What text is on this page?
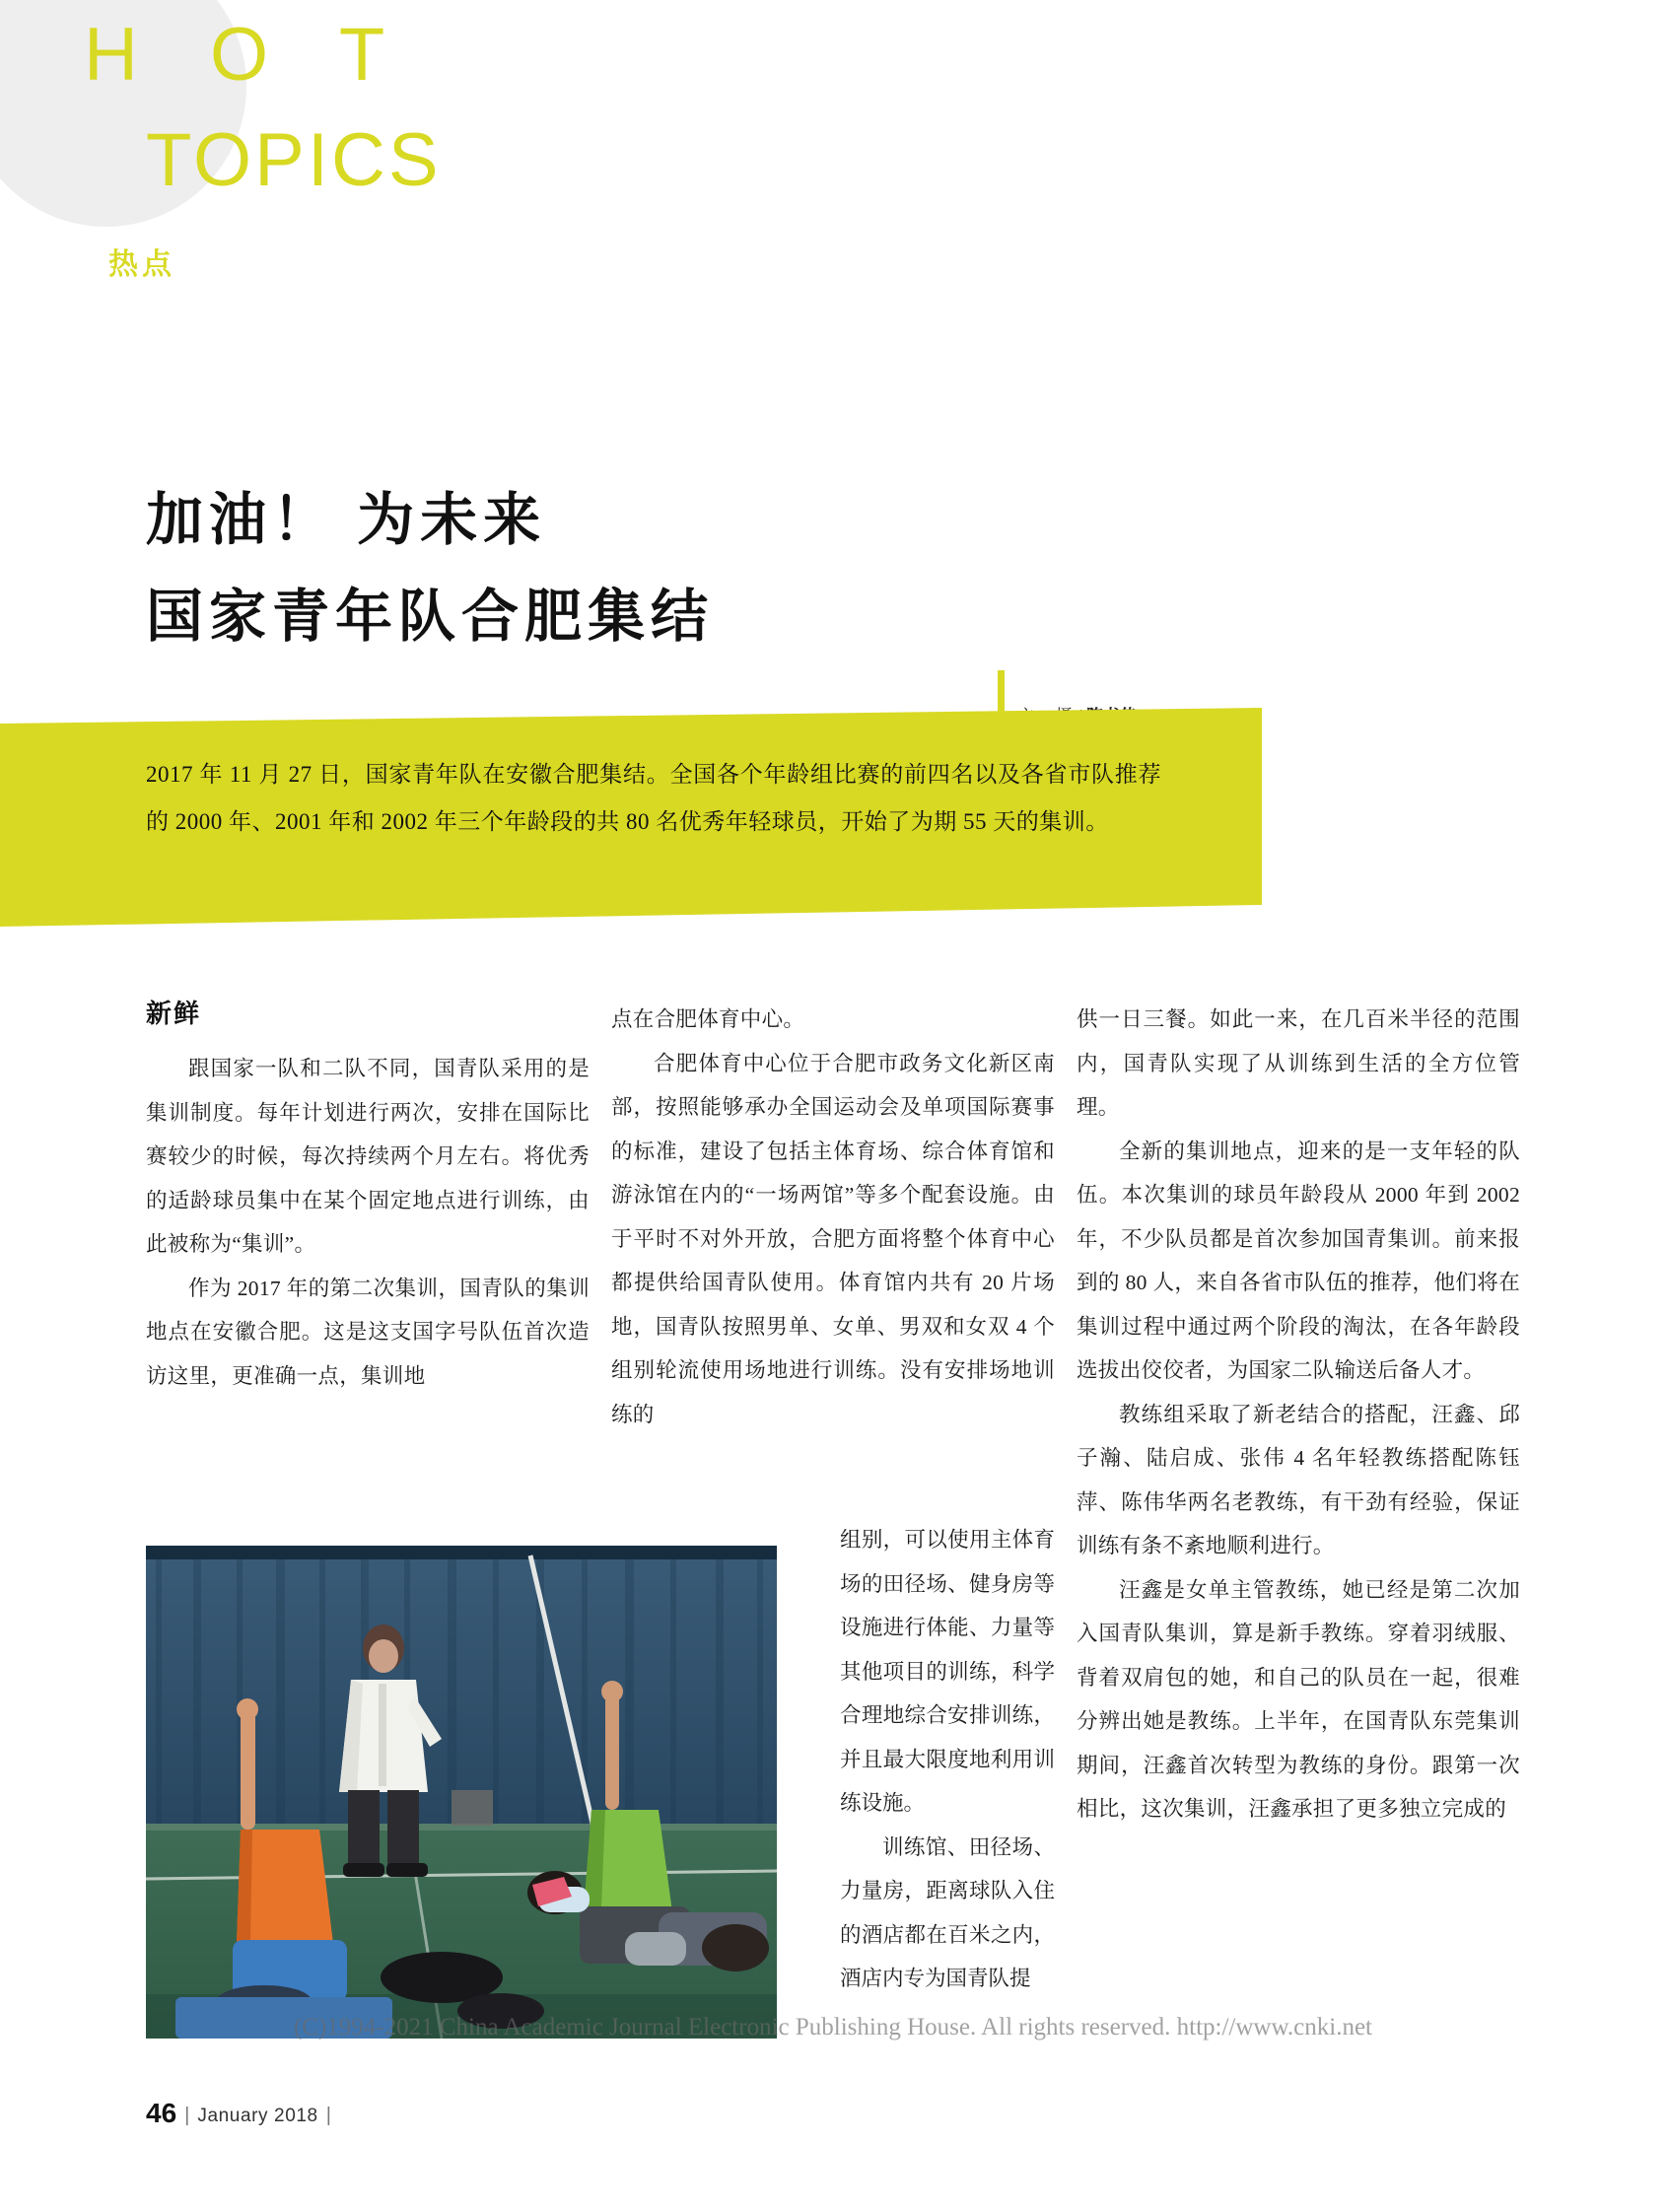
H O T
TOPICS
热点
加油！ 为未来
国家青年队合肥集结
2017 年 11 月 27 日，国家青年队在安徽合肥集结。全国各个年龄组比赛的前四名以及各省市队推荐的 2000 年、2001 年和 2002 年三个年龄段的共 80 名优秀年轻球员，开始了为期 55 天的集训。
新鲜

跟国家一队和二队不同，国青队采用的是集训制度。每年计划进行两次，安排在国际比赛较少的时候，每次持续两个月左右。将优秀的适龄球员集中在某个固定地点进行训练，由此被称为“集训”。

作为 2017 年的第二次集训，国青队的集训地点在安徽合肥。这是这支国字号队伍首次造访这里，更准确一点，集训地

点在合肥体育中心。

合肥体育中心位于合肥市政务文化新区南部，按照能够承办全国运动会及单项国际赛事的标准，建设了包括主体育场、综合体育馆和游泳馆在内的“一场两馆”等多个配套设施。由于平时不对外开放，合肥方面将整个体育中心都提供给国青队使用。体育馆内共有 20 片场地，国青队按照男单、女单、男双和女双 4 个组别轮流使用场地进行训练。没有安排场地训练的

组别，可以使用主体育场的田径场、健身房等设施进行体能、力量等其他项目的训练，科学合理地综合安排训练，并且最大限度地利用训练设施。

训练馆、田径场、力量房，距离球队入住的酒店都在百米之内，酒店内专为国青队提

供一日三餐。如此一来，在几百米半径的范围内，国青队实现了从训练到生活的全方位管理。

全新的集训地点，迎来的是一支年轻的队伍。本次集训的球员年龄段从 2000 年到 2002 年，不少队员都是首次参加国青集训。前来报到的 80 人，来自各省市队伍的推荐，他们将在集训过程中通过两个阶段的淘汰，在各年龄段选拔出佼佼者，为国家二队输送后备人才。

教练组采取了新老结合的搭配，汪鑫、邱子瀚、陆启成、张伟 4 名年轻教练搭配陈钰萍、陈伟华两名老教练，有干劲有经验，保证训练有条不紊地顺利进行。

汪鑫是女单主管教练，她已经是第二次加入国青队集训，算是新手教练。穿着羽绒服、背着双肩包的她，和自己的队员在一起，很难分辨出她是教练。上半年，在国青队东莞集训期间，汪鑫首次转型为教练的身份。跟第一次相比，这次集训，汪鑫承担了更多独立完成的

(C)1994-2021 China Academic Journal Electronic Publishing House. All rights reserved. http://www.cnki.net
46 | January 2018 |
